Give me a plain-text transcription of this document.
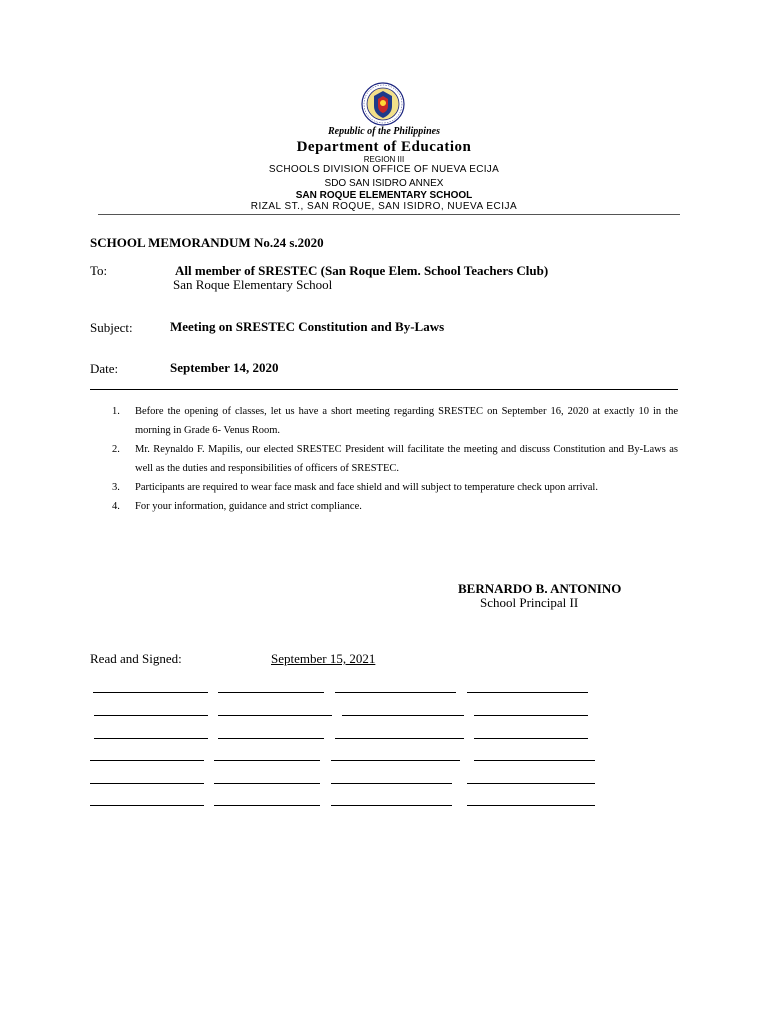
Republic of the Philippines
Department of Education
REGION III
SCHOOLS DIVISION OFFICE OF NUEVA ECIJA
SDO SAN ISIDRO ANNEX
SAN ROQUE ELEMENTARY SCHOOL
RIZAL ST., SAN ROQUE, SAN ISIDRO, NUEVA ECIJA
SCHOOL MEMORANDUM No.24 s.2020
To:	All member of SRESTEC (San Roque Elem. School Teachers Club)
San Roque Elementary School
Subject:	Meeting on SRESTEC Constitution and By-Laws
Date:	September 14, 2020
1. Before the opening of classes, let us have a short meeting regarding SRESTEC on September 16, 2020 at exactly 10 in the morning in Grade 6- Venus Room.
2. Mr. Reynaldo F. Mapilis, our elected SRESTEC President will facilitate the meeting and discuss Constitution and By-Laws as well as the duties and responsibilities of officers of SRESTEC.
3. Participants are required to wear face mask and face shield and will subject to temperature check upon arrival.
4. For your information, guidance and strict compliance.
BERNARDO B. ANTONINO
School Principal II
Read and Signed:	September 15, 2021
